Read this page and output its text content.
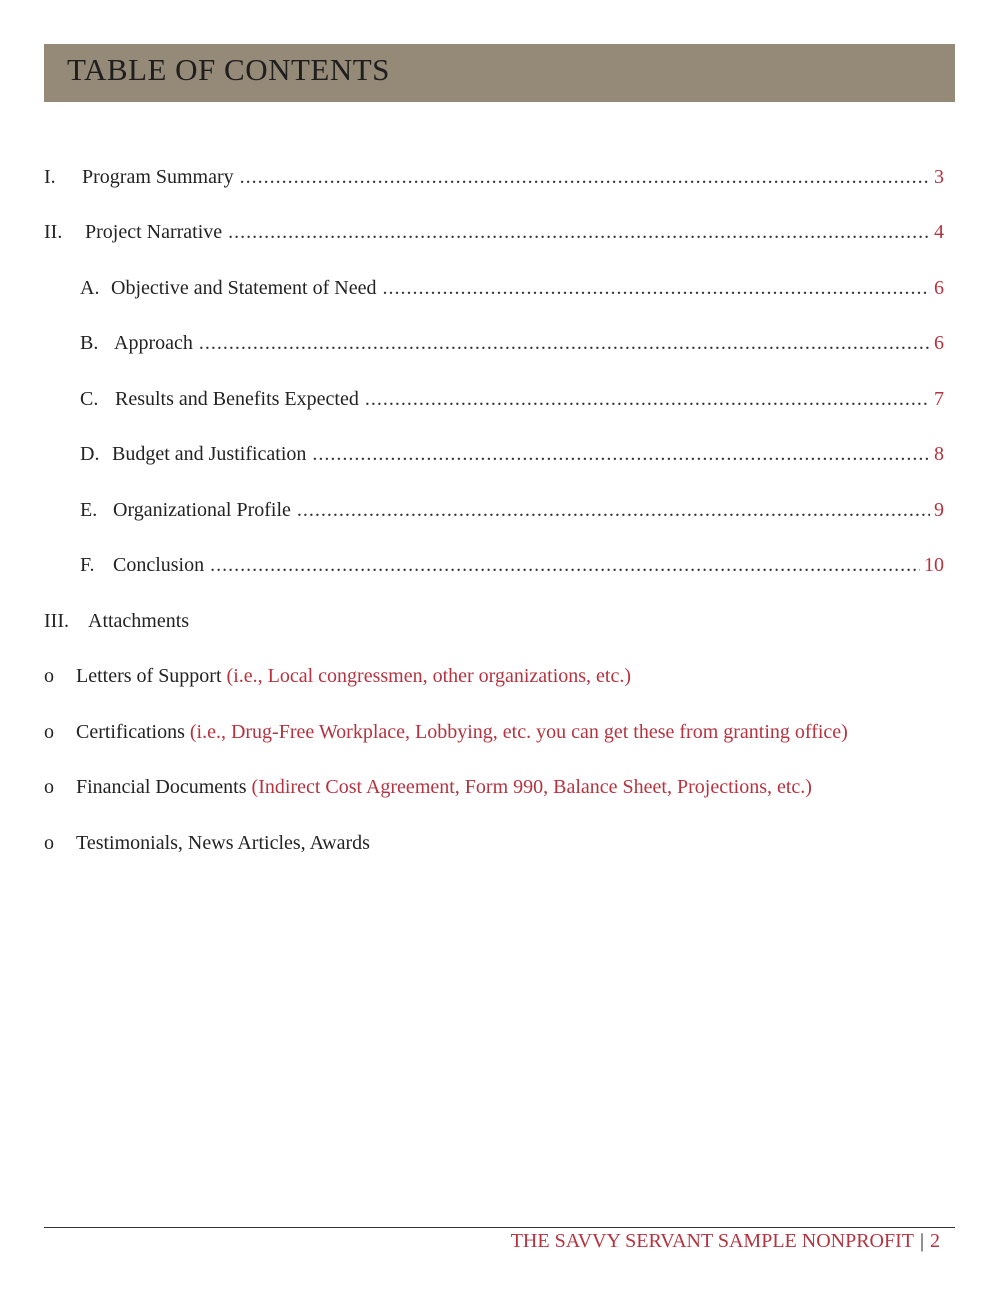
TABLE OF CONTENTS
I.	Program Summary .....	3
II.	Project Narrative .....	4
A. Objective and Statement of Need .....	6
B. Approach .....	6
C. Results and Benefits Expected .....	7
D. Budget and Justification .....	8
E. Organizational Profile .....	9
F. Conclusion .....	10
III. Attachments
o Letters of Support (i.e., Local congressmen, other organizations, etc.)
o Certifications (i.e., Drug-Free Workplace, Lobbying, etc. you can get these from granting office)
o Financial Documents (Indirect Cost Agreement, Form 990, Balance Sheet, Projections, etc.)
o Testimonials, News Articles, Awards
THE SAVVY SERVANT SAMPLE NONPROFIT | 2
